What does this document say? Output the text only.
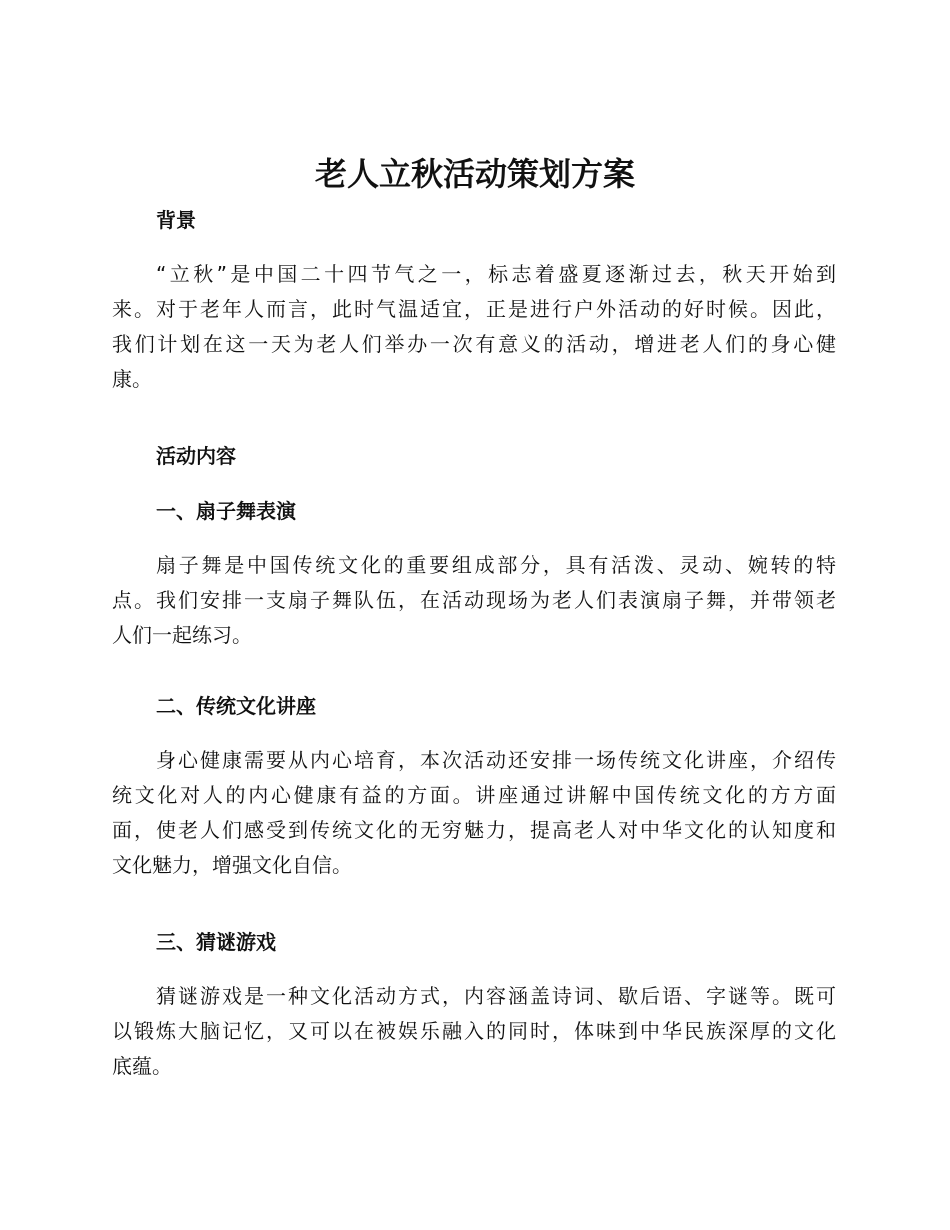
老人立秋活动策划方案
背景
“立秋”是中国二十四节气之一，标志着盛夏逐渐过去，秋天开始到
来。对于老年人而言，此时气温适宜，正是进行户外活动的好时候。因此，
我们计划在这一天为老人们举办一次有意义的活动，增进老人们的身心健
康。
活动内容
一、扇子舞表演
扇子舞是中国传统文化的重要组成部分，具有活泼、灵动、婉转的特
点。我们安排一支扇子舞队伍，在活动现场为老人们表演扇子舞，并带领老
人们一起练习。
二、传统文化讲座
身心健康需要从内心培育，本次活动还安排一场传统文化讲座，介绍传
统文化对人的内心健康有益的方面。讲座通过讲解中国传统文化的方方面
面，使老人们感受到传统文化的无穷魅力，提高老人对中华文化的认知度和
文化魅力，增强文化自信。
三、猜谜游戏
猜谜游戏是一种文化活动方式，内容涵盖诗词、歇后语、字谜等。既可
以锻炼大脑记忆，又可以在被娱乐融入的同时，体味到中华民族深厚的文化
底蕴。
